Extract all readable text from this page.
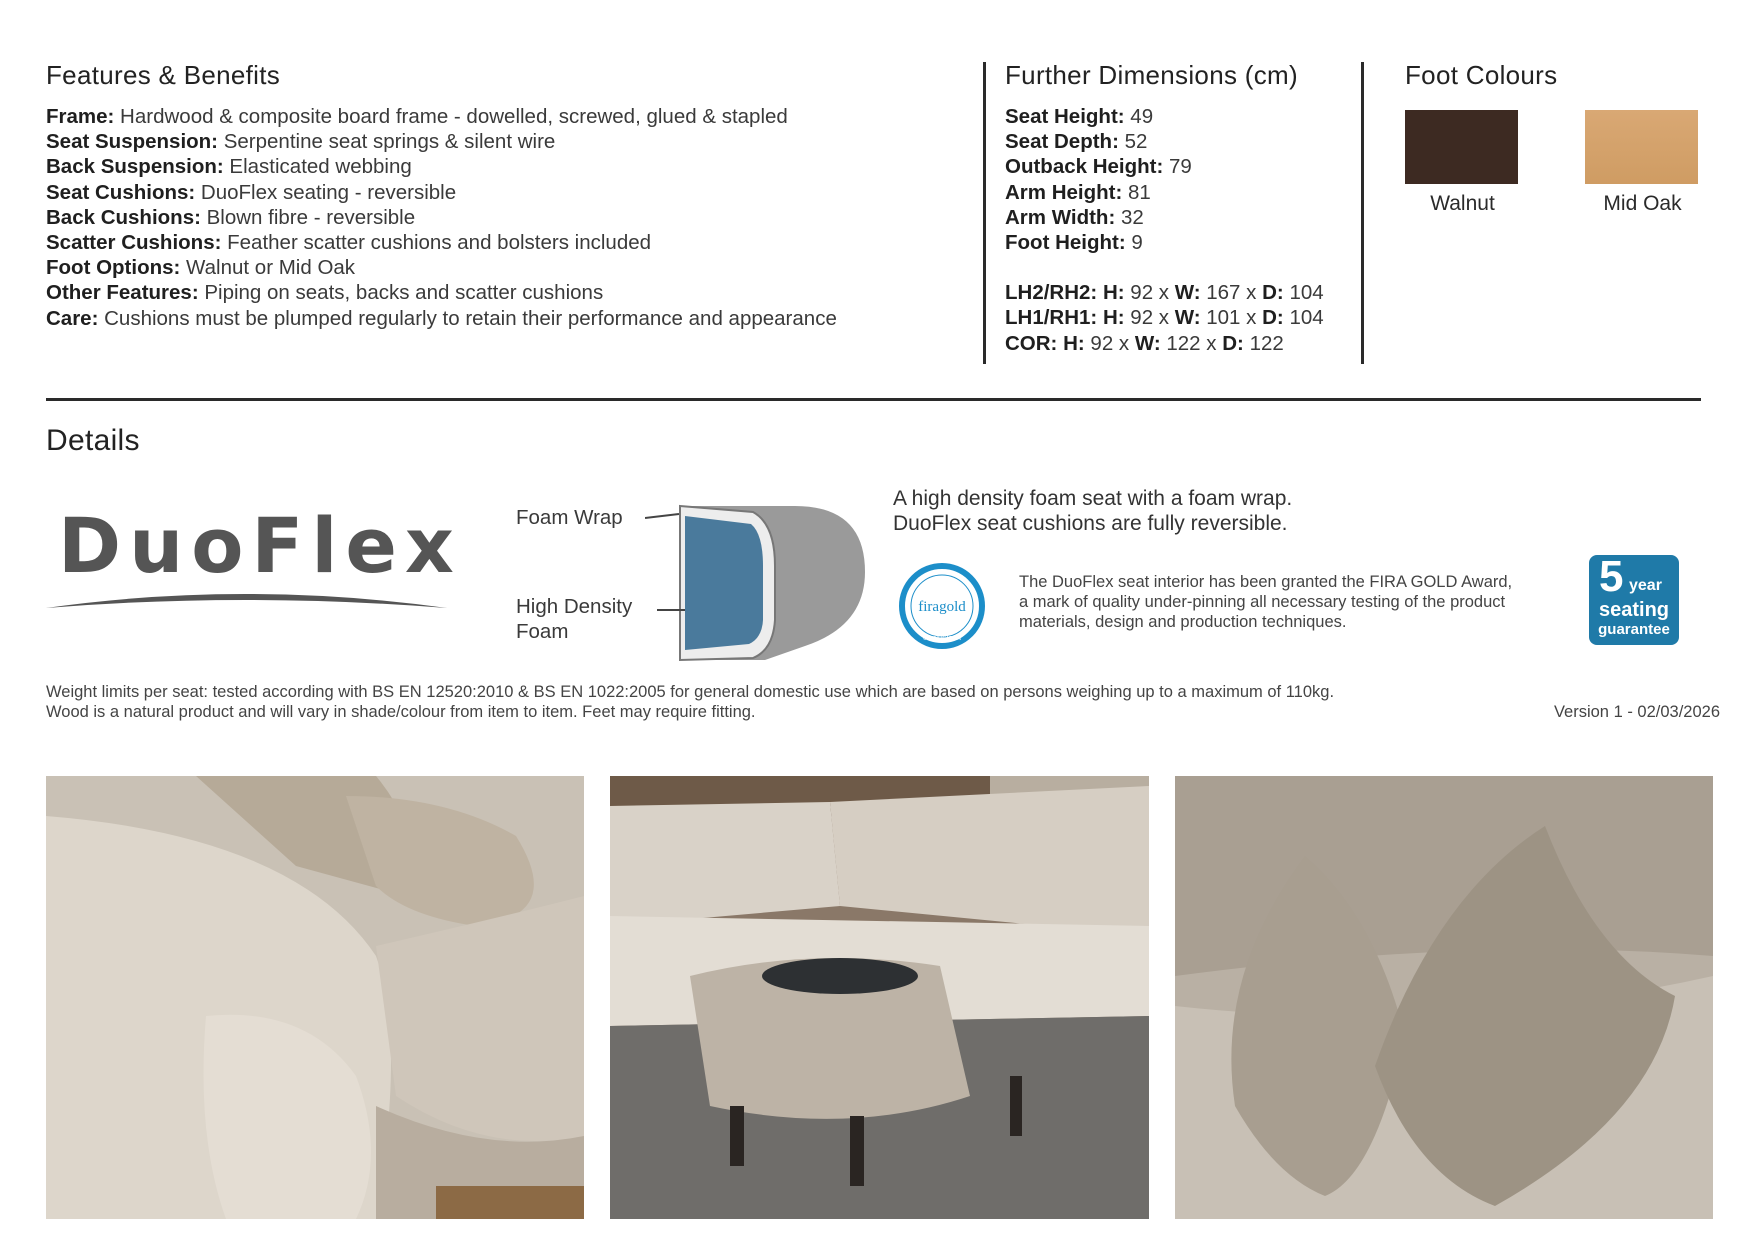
Features & Benefits
Frame: Hardwood & composite board frame - dowelled, screwed, glued & stapled
Seat Suspension: Serpentine seat springs & silent wire
Back Suspension: Elasticated webbing
Seat Cushions: DuoFlex seating - reversible
Back Cushions: Blown fibre - reversible
Scatter Cushions: Feather scatter cushions and bolsters included
Foot Options: Walnut or Mid Oak
Other Features: Piping on seats, backs and scatter cushions
Care: Cushions must be plumped regularly to retain their performance and appearance
Further Dimensions (cm)
Seat Height: 49
Seat Depth: 52
Outback Height: 79
Arm Height: 81
Arm Width: 32
Foot Height: 9
LH2/RH2: H: 92 x W: 167 x D: 104
LH1/RH1: H: 92 x W: 101 x D: 104
COR: H: 92 x W: 122 x D: 122
Foot Colours
Walnut	Mid Oak
Details
DuoFlex	Foam Wrap
High Density
Foam
A high density foam seat with a foam wrap.
DuoFlex seat cushions are fully reversible.
firagold
CERTIFICATION
The DuoFlex seat interior has been granted the FIRA GOLD Award,
a mark of quality under-pinning all necessary testing of the product
materials, design and production techniques.
5 year
seating
guarantee
Weight limits per seat: tested according with BS EN 12520:2010 & BS EN 1022:2005 for general domestic use which are based on persons weighing up to a maximum of 110kg.
Wood is a natural product and will vary in shade/colour from item to item. Feet may require fitting.	Version 1 - 02/03/2026
